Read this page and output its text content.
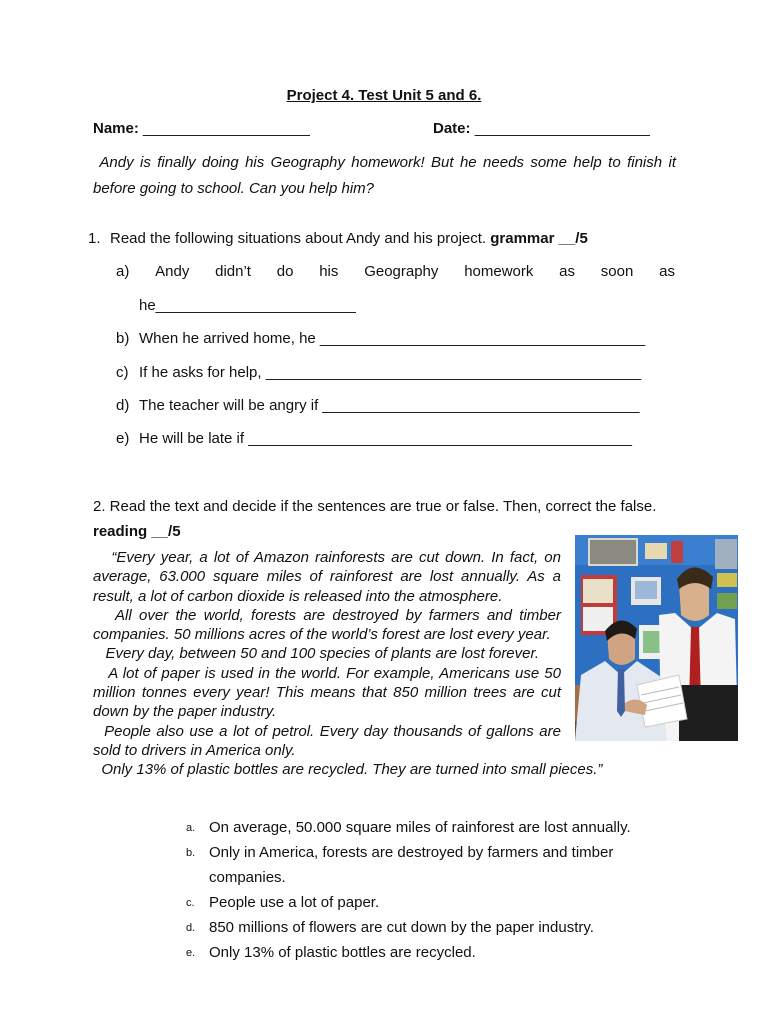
Project 4. Test Unit 5 and 6.
Name: ____________________	Date: _____________________
Andy is finally doing his Geography homework! But he needs some help to finish it before going to school. Can you help him?
1. Read the following situations about Andy and his project. grammar __/5
a) Andy didn’t do his Geography homework as soon as
he________________________
b) When he arrived home, he _______________________________________
c) If he asks for help, _____________________________________________
d) The teacher will be angry if ______________________________________
e) He will be late if ______________________________________________
2. Read the text and decide if the sentences are true or false. Then, correct the false.
reading __/5

“Every year, a lot of Amazon rainforests are cut down. In fact, on average, 63.000 square miles of rainforest are lost annually. As a result, a lot of carbon dioxide is released into the atmosphere.

All over the world, forests are destroyed by farmers and timber companies. 50 millions acres of the world’s forest are lost every year.

Every day, between 50 and 100 species of plants are lost forever.

A lot of paper is used in the world. For example, Americans use 50 million tonnes every year! This means that 850 million trees are cut down by the paper industry.

People also use a lot of petrol. Every day thousands of gallons are sold to drivers in America only.

Only 13% of plastic bottles are recycled. They are turned into small pieces.”

a. On average, 50.000 square miles of rainforest are lost annually.
b. Only in America, forests are destroyed by farmers and timber companies.
c. People use a lot of paper.
d. 850 millions of flowers are cut down by the paper industry.
e. Only 13% of plastic bottles are recycled.
